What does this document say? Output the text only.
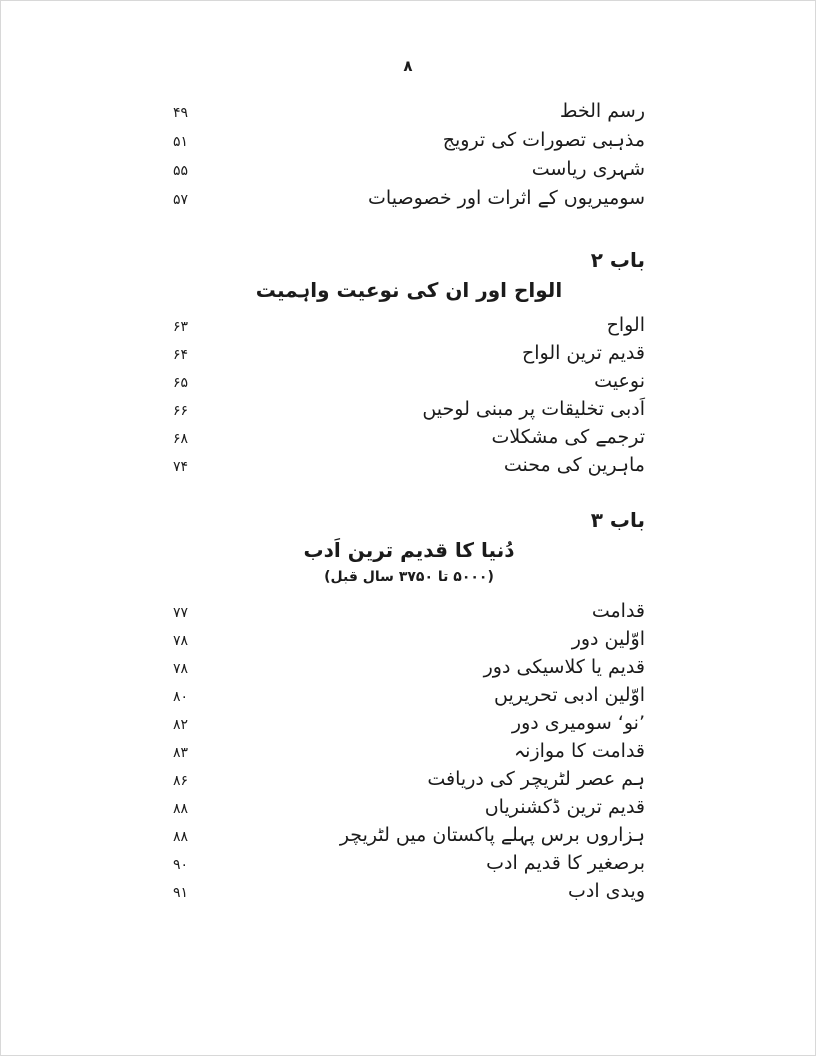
۸
رسم الخط
۴۹
مذہبی تصورات کی ترویج
۵۱
شہری ریاست
۵۵
سومیریوں کے اثرات اور خصوصیات
۵۷
باب ۲
الواح اور ان کی نوعیت واہمیت
الواح
۶۳
قدیم ترین الواح
۶۴
نوعیت
۶۵
اَدبی تخلیقات پر مبنی لوحیں
۶۶
ترجمے کی مشکلات
۶۸
ماہرین کی محنت
۷۴
باب ۳
دُنیا کا قدیم ترین اَدب
(۵۰۰۰ تا ۳۷۵۰ سال قبل)
قدامت
۷۷
اوّلین دور
۷۸
قدیم یا کلاسیکی دور
۷۸
اوّلین ادبی تحریریں
۸۰
’نو‘ سومیری دور
۸۲
قدامت کا موازنہ
۸۳
ہم عصر لٹریچر کی دریافت
۸۶
قدیم ترین ڈکشنریاں
۸۸
ہزاروں برس پہلے پاکستان میں لٹریچر
۸۸
برصغیر کا قدیم ادب
۹۰
ویدی ادب
۹۱
